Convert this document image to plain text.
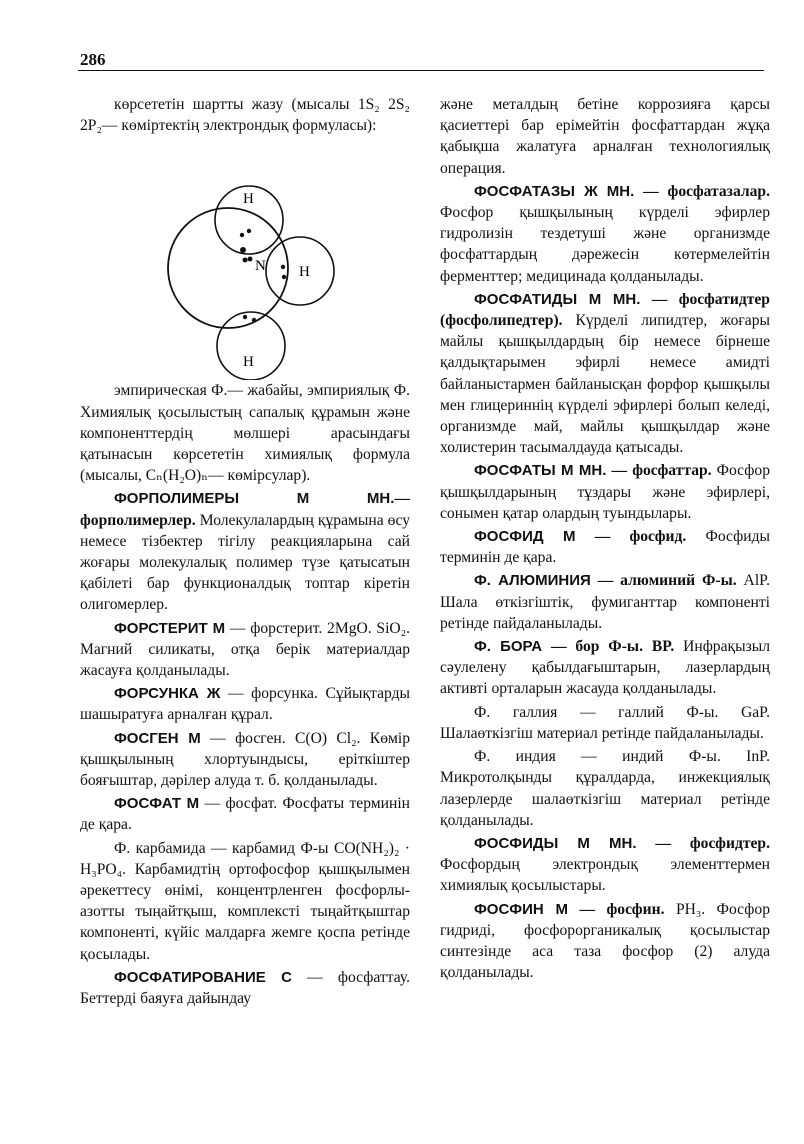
286

көрсететін шартты жазу (мысалы 1S₂ 2S₂ 2P₂— көміртектің электрондық формуласы):

N
H
H
H

эмпирическая Ф.— жабайы, эмпириялық Ф. Химиялық қосылыстың сапалық құрамын және компоненттердің мөлшері арасындағы қатынасын көрсететін химиялық формула (мысалы, Cₙ(H₂O)ₙ— көмірсулар).

ФОРПОЛИМЕРЫ М МН.— форполимерлер. Молекулалардың құрамына өсу немесе тізбектер тігілу реакцияларына сай жоғары молекулалық полимер түзе қатысатын қабілеті бар функционалдық топтар кіретін олигомерлер.

ФОРСТЕРИТ М — форстерит. 2MgO. SiO₂. Магний силикаты, отқа берік материалдар жасауға қолданылады.

ФОРСУНКА Ж — форсунка. Сұйықтарды шашыратуға арналған құрал.

ФОСГЕН М — фосген. C(O) Cl₂. Көмір қышқылының хлортуындысы, еріткіштер бояғыштар, дәрілер алуда т. б. қолданылады.

ФОСФАТ М — фосфат. Фосфаты терминін де қара.

Ф. карбамида — карбамид Ф-ы CO(NH₂)₂ · H₃PO₄. Карбамидтің ортофосфор қышқылымен әрекеттесу өнімі, концентрленген фосфорлы-азотты тыңайтқыш, комплексті тыңайтқыштар компоненті, күйіс малдарға жемге қоспа ретінде қосылады.

ФОСФАТИРОВАНИЕ С — фосфаттау. Беттерді баяуға дайындау

және металдың бетіне коррозияға қарсы қасиеттері бар ерімейтін фосфаттардан жұқа қабықша жалатуға арналған технологиялық операция.

ФОСФАТАЗЫ Ж МН. — фосфатазалар. Фосфор қышқылының күрделі эфирлер гидролизін тездетуші және организмде фосфаттардың дәрежесін көтермелейтін ферменттер; медицинада қолданылады.

ФОСФАТИДЫ М МН. — фосфатидтер (фосфолипедтер). Күрделі липидтер, жоғары майлы қышқылдардың бір немесе бірнеше қалдықтарымен эфирлі немесе амидті байланыстармен байланысқан форфор қышқылы мен глицериннің күрделі эфирлері болып келеді, организмде май, майлы қышқылдар және холистерин тасымалдауда қатысады.

ФОСФАТЫ М МН. — фосфаттар. Фосфор қышқылдарының тұздары және эфирлері, сонымен қатар олардың туындылары.

ФОСФИД М — фосфид. Фосфиды терминін де қара.

Ф. АЛЮМИНИЯ — алюминий Ф-ы. AlP. Шала өткізгіштік, фумиганттар компоненті ретінде пайдаланылады.

Ф. БОРА — бор Ф-ы. BP. Инфрақызыл сәулелену қабылдағыштарын, лазерлардың активті орталарын жасауда қолданылады.

Ф. галлия — галлий Ф-ы. GaP. Шалаөткізгіш материал ретінде пайдаланылады.

Ф. индия — индий Ф-ы. InP. Микротолқынды құралдарда, инжекциялық лазерлерде шалаөткізгіш материал ретінде қолданылады.

ФОСФИДЫ М МН. — фосфидтер. Фосфордың электрондық элементтермен химиялық қосылыстары.

ФОСФИН М — фосфин. PH₃. Фосфор гидриді, фосфорорганикалық қосылыстар синтезінде аса таза фосфор (2) алуда қолданылады.
